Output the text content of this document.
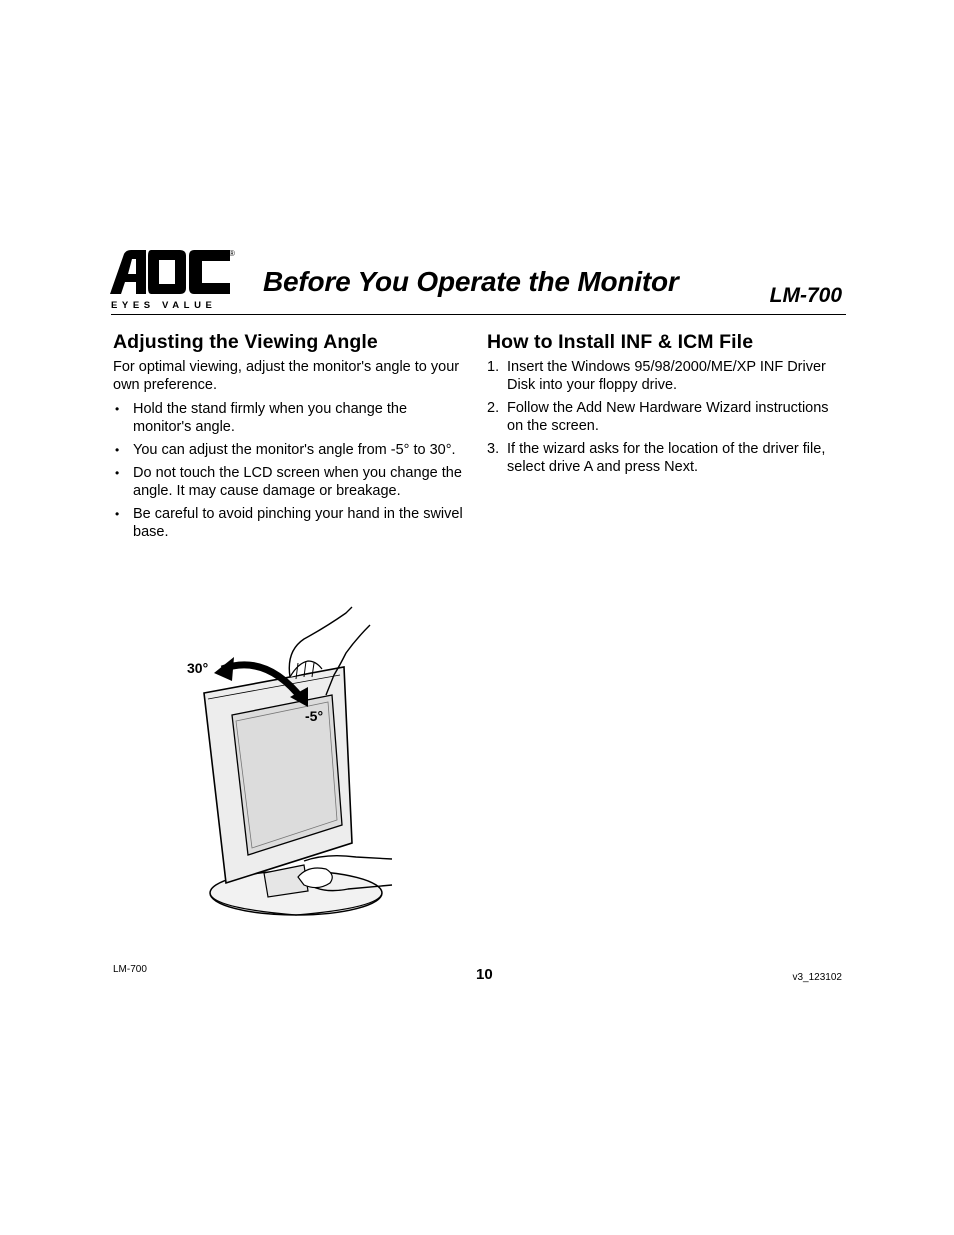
®
EYES VALUE
Before You Operate the Monitor	LM-700
Adjusting the Viewing Angle

For optimal viewing, adjust the monitor's angle to your own preference.

• Hold the stand firmly when you change the monitor's angle.
• You can adjust the monitor's angle from -5° to 30°.
• Do not touch the LCD screen when you change the angle. It may cause damage or breakage.
• Be careful to avoid pinching your hand in the swivel base.
How to Install INF & ICM File
1. Insert the Windows 95/98/2000/ME/XP INF Driver Disk into your floppy drive.
2. Follow the Add New Hardware Wizard instructions on the screen.
3. If the wizard asks for the location of the driver file, select drive A and press Next.
30°
-5°
LM-700	10	v3_123102
